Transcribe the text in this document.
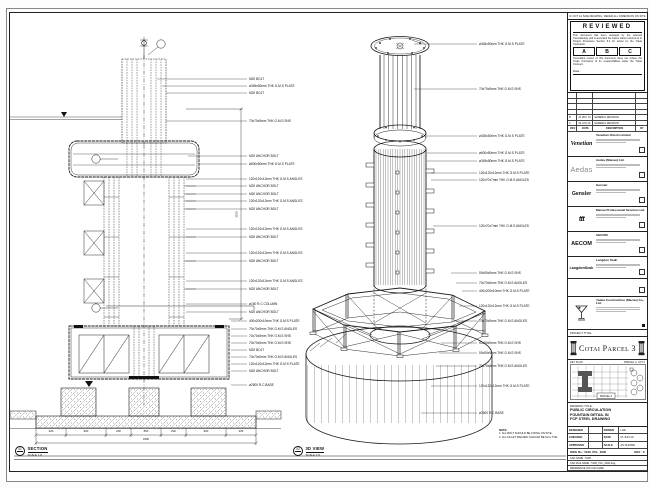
M20 BOLT
ø345x50mm THK G.M.S PLATE
M20 BOLT
70x70x5mm THK G.M.S SHS
M20 ANCHOR BOLT
ø600x50mm THK G.M.S PLATE
120x120x12mm THK G.M.S ANGLES
M20 ANCHOR BOLT
M20 ANCHOR BOLT
120x120x12mm THK G.M.S ANGLES
M20 ANCHOR BOLT
120x120x12mm THK G.M.S ANGLES
M20 ANCHOR BOLT
120x120x12mm THK G.M.S ANGLES
M20 ANCHOR BOLT
120x120x12mm THK G.M.S ANGLES
M20 ANCHOR BOLT
ø150 R.C COLUMN
M20 ANCHOR BOLT
400x200x10mm THK G.M.S PLATE
70x70x5mm THK G.M.S ANGLES
70x70x5mm THK G.M.S SHS
70x70x5mm THK G.M.S SHS
M20 BOLT
70x70x5mm THK G.M.S ANGLES
120x120x12mm THK G.M.S PLATE
M20 ANCHOR BOLT
ø2500 R.C BASE
ø345x50mm THK G.M.S PLATE
70x70x5mm THK G.M.S SHS
ø345x50mm THK G.M.S PLATE
ø600x50mm THK G.M.S PLATE
ø345x50mm THK G.M.S PLATE
120x120x12mm THK G.M.S PLATE
120x70x7mm THK G.M.S ANGLES
120x70x7mm THK G.M.S ANGLES
50x50x5mm THK G.M.S SHS
70x70x5mm THK G.M.S ANGLES
400x200x10mm THK G.M.S PLATE
120x120x12mm THK G.M.S PLATE
70x70x5mm THK G.M.S ANGLES
50x50x5mm THK G.M.S SHS
50x50x5mm THK G.M.S SHS
70x70x5mm THK G.M.S ANGLES
120x120x12mm THK G.M.S PLATE
ø2500 R.C BASE
200	900	200	850	200	900	200
3450
3150
01	SECTION
SCALE 1:8
02	3D VIEW
SCALE 1:8
NOTE:
1. ALL BOLT SHOULD BE FIXING ON SITE.
2. ALL FILLET WELDED SHOULD BE 6mm THK.
IF NOT A1 SIZE DRAWING, REFER ALL DIMENSION ON SITE
REVIEWED
This document has been reviewed by the relevant Consultant(s) and is accorded the below status referred to in Project Procedure Section 5.4 for action by the Trade Contractor.
A	B	C
Consultant review of this document does not relieve the Trade Contractor of its responsibilities under the Trade Contract.
Date :
B	21 MAY 10	GENERAL REVISION
C	04 JUN 10	GENERAL REVISION
REV	DATE	DESCRIPTION	BY
Venetian
Venetian Orient Limited
Aedas
Aedas (Macau) Ltd.
Gensler
Gensler
ttt
Macau Professional Services Ltd.
AECOM
AECOM
LangdonSeah
Langdon Seah
Yadea Construction (Macau) Co., Ltd.
PROJECT TITLE
Cotai Parcel 3
KEY PLAN	PARCEL 3, LOT 2
PARCEL 3
DRAWING TITLE:
PUBLIC CIRCULATION
FOUNTAIN DETAIL IN
FCP STEEL DRAWING
DESIGNED	-	DRAWN	LHD
CHECKED	-	DATE	07-JUN-10
APPROVED	-	SCALE	AS SHOWN
DWG No : 5168_PCL_0000	REV : C
CAD NAME : 5168
CAD FILE NAME : 5168_PCL_0000.dwg
REFERENCE ON FILE NAME
